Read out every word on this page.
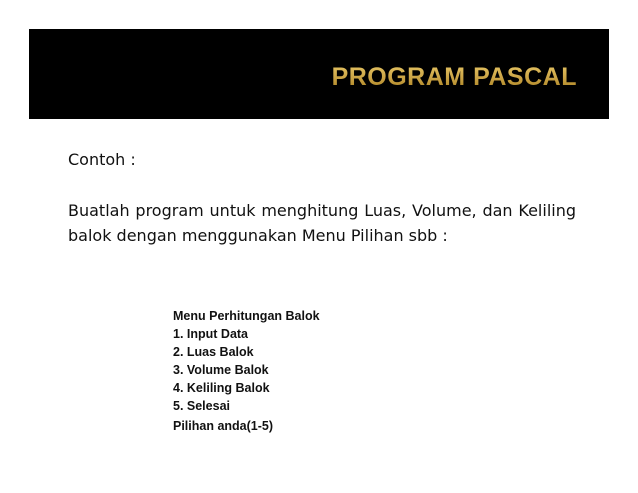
PROGRAM PASCAL

Contoh :

Buatlah program untuk menghitung Luas, Volume, dan Keliling balok dengan menggunakan Menu Pilihan sbb :

Menu Perhitungan Balok
1. Input Data
2. Luas Balok
3. Volume Balok
4. Keliling Balok
5. Selesai
Pilihan anda(1-5)
